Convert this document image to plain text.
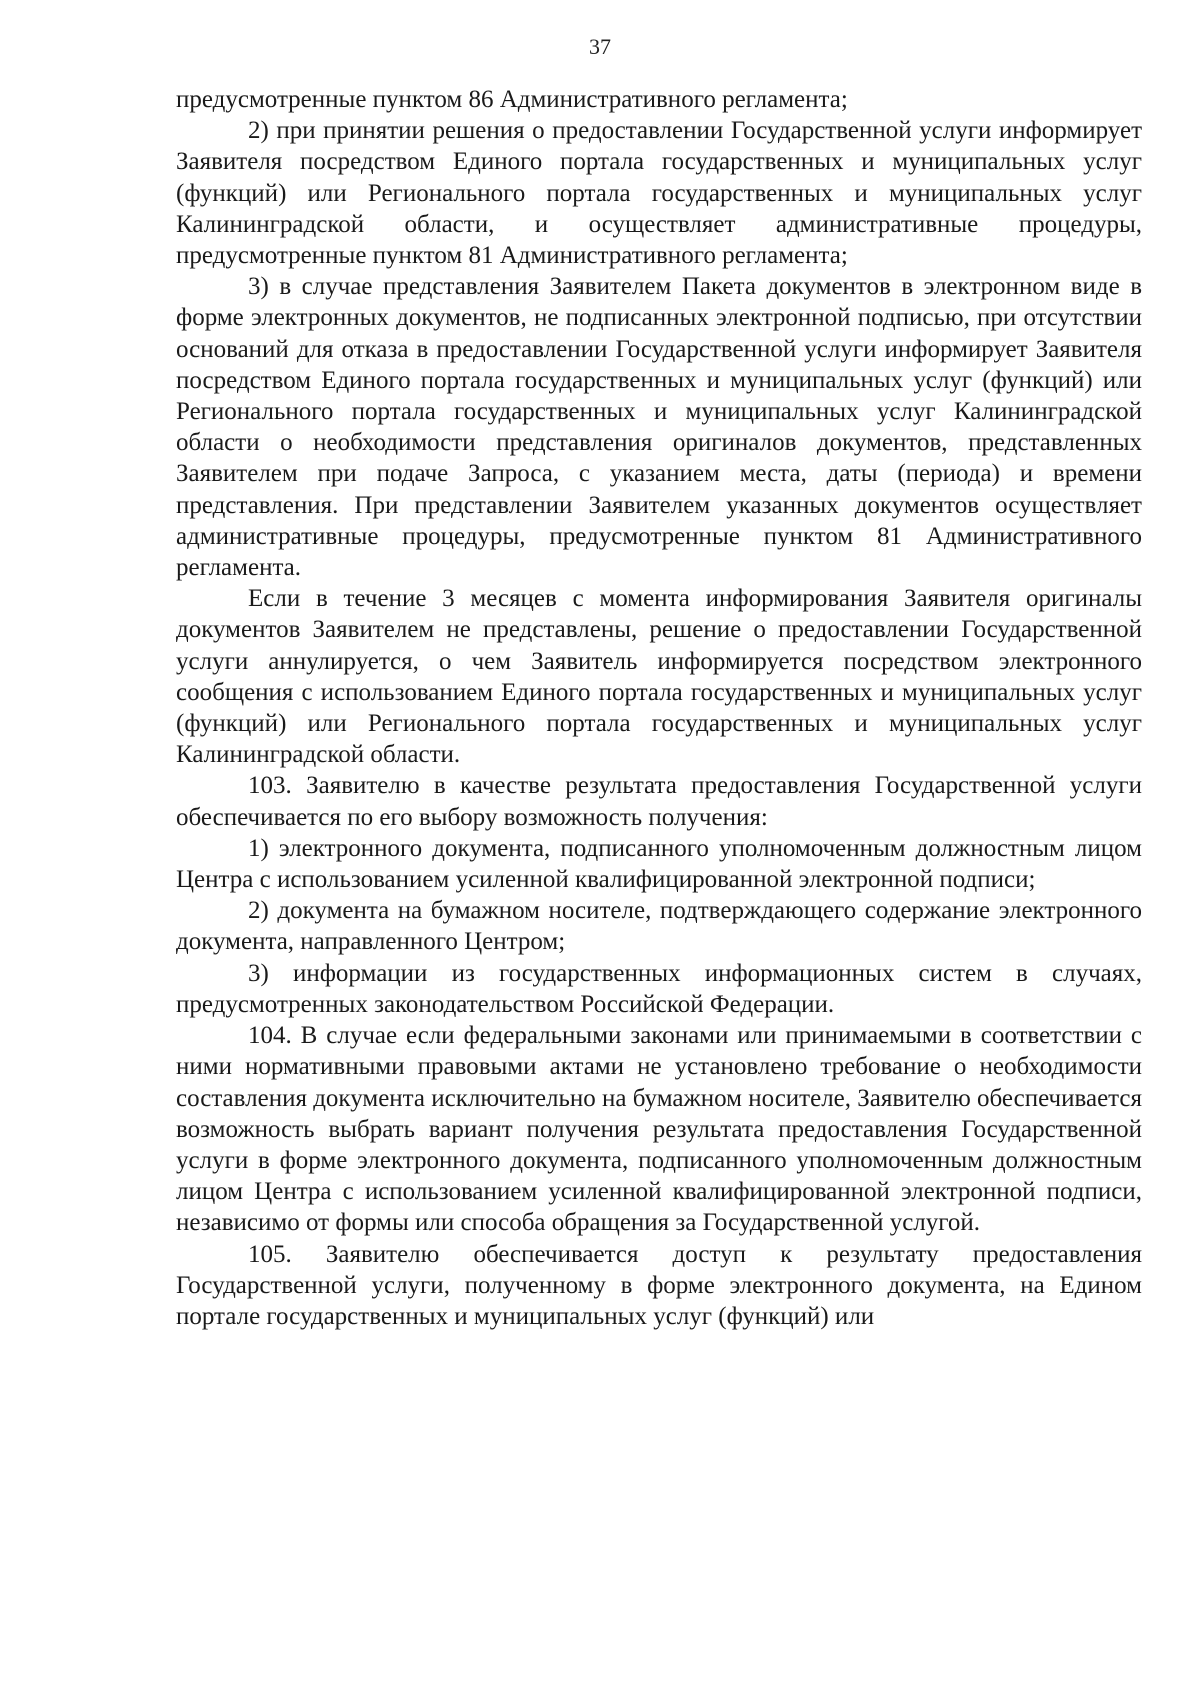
37

предусмотренные пунктом 86 Административного регламента;

2) при принятии решения о предоставлении Государственной услуги информирует Заявителя посредством Единого портала государственных и муниципальных услуг (функций) или Регионального портала государственных и муниципальных услуг Калининградской области, и осуществляет административные процедуры, предусмотренные пунктом 81 Административного регламента;

3) в случае представления Заявителем Пакета документов в электронном виде в форме электронных документов, не подписанных электронной подписью, при отсутствии оснований для отказа в предоставлении Государственной услуги информирует Заявителя посредством Единого портала государственных и муниципальных услуг (функций) или Регионального портала государственных и муниципальных услуг Калининградской области о необходимости представления оригиналов документов, представленных Заявителем при подаче Запроса, с указанием места, даты (периода) и времени представления. При представлении Заявителем указанных документов осуществляет административные процедуры, предусмотренные пунктом 81 Административного регламента.

Если в течение 3 месяцев с момента информирования Заявителя оригиналы документов Заявителем не представлены, решение о предоставлении Государственной услуги аннулируется, о чем Заявитель информируется посредством электронного сообщения с использованием Единого портала государственных и муниципальных услуг (функций) или Регионального портала государственных и муниципальных услуг Калининградской области.

103. Заявителю в качестве результата предоставления Государственной услуги обеспечивается по его выбору возможность получения:

1) электронного документа, подписанного уполномоченным должностным лицом Центра с использованием усиленной квалифицированной электронной подписи;

2) документа на бумажном носителе, подтверждающего содержание электронного документа, направленного Центром;

3) информации из государственных информационных систем в случаях, предусмотренных законодательством Российской Федерации.

104. В случае если федеральными законами или принимаемыми в соответствии с ними нормативными правовыми актами не установлено требование о необходимости составления документа исключительно на бумажном носителе, Заявителю обеспечивается возможность выбрать вариант получения результата предоставления Государственной услуги в форме электронного документа, подписанного уполномоченным должностным лицом Центра с использованием усиленной квалифицированной электронной подписи, независимо от формы или способа обращения за Государственной услугой.

105. Заявителю обеспечивается доступ к результату предоставления Государственной услуги, полученному в форме электронного документа, на Едином портале государственных и муниципальных услуг (функций) или
